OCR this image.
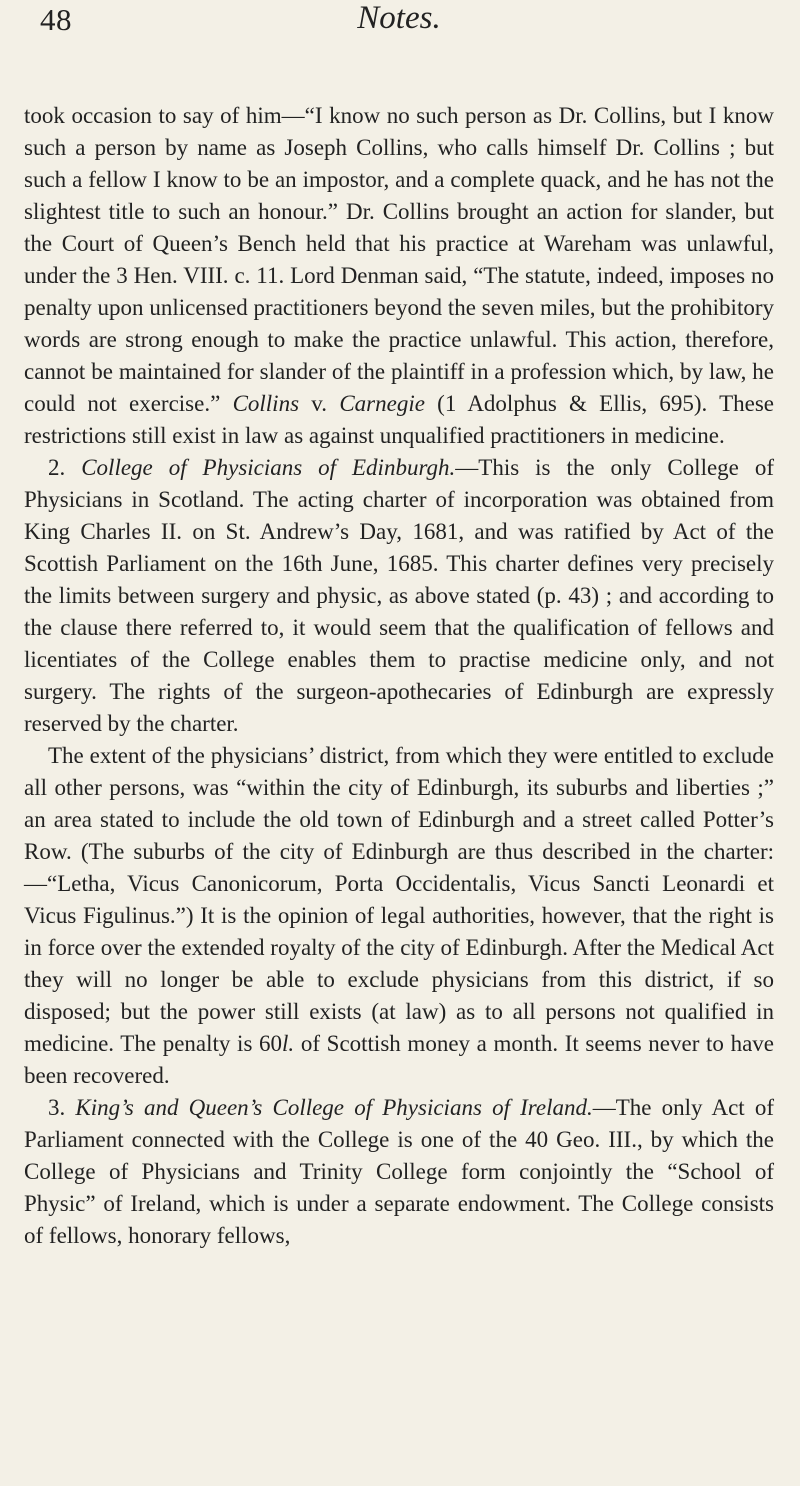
48	Notes.

took occasion to say of him—“I know no such person as Dr. Collins, but I know such a person by name as Joseph Collins, who calls himself Dr. Collins ; but such a fellow I know to be an impostor, and a complete quack, and he has not the slightest title to such an honour.” Dr. Collins brought an action for slander, but the Court of Queen’s Bench held that his practice at Wareham was unlawful, under the 3 Hen. VIII. c. 11. Lord Denman said, “The statute, indeed, imposes no penalty upon unlicensed practitioners beyond the seven miles, but the prohibitory words are strong enough to make the practice unlawful. This action, therefore, cannot be maintained for slander of the plaintiff in a profession which, by law, he could not exercise.” Collins v. Carnegie (1 Adolphus & Ellis, 695). These restrictions still exist in law as against unqualified practitioners in medicine.

2. College of Physicians of Edinburgh.—This is the only College of Physicians in Scotland. The acting charter of incorporation was obtained from King Charles II. on St. Andrew’s Day, 1681, and was ratified by Act of the Scottish Parliament on the 16th June, 1685. This charter defines very precisely the limits between surgery and physic, as above stated (p. 43) ; and according to the clause there referred to, it would seem that the qualification of fellows and licentiates of the College enables them to practise medicine only, and not surgery. The rights of the surgeon-apothecaries of Edinburgh are expressly reserved by the charter.

The extent of the physicians’ district, from which they were entitled to exclude all other persons, was “within the city of Edinburgh, its suburbs and liberties ;” an area stated to include the old town of Edinburgh and a street called Potter’s Row. (The suburbs of the city of Edinburgh are thus described in the charter:—“Letha, Vicus Canonicorum, Porta Occidentalis, Vicus Sancti Leonardi et Vicus Figulinus.”) It is the opinion of legal authorities, however, that the right is in force over the extended royalty of the city of Edinburgh. After the Medical Act they will no longer be able to exclude physicians from this district, if so disposed; but the power still exists (at law) as to all persons not qualified in medicine. The penalty is 60l. of Scottish money a month. It seems never to have been recovered.

3. King’s and Queen’s College of Physicians of Ireland.—The only Act of Parliament connected with the College is one of the 40 Geo. III., by which the College of Physicians and Trinity College form conjointly the “School of Physic” of Ireland, which is under a separate endowment. The College consists of fellows, honorary fellows,
